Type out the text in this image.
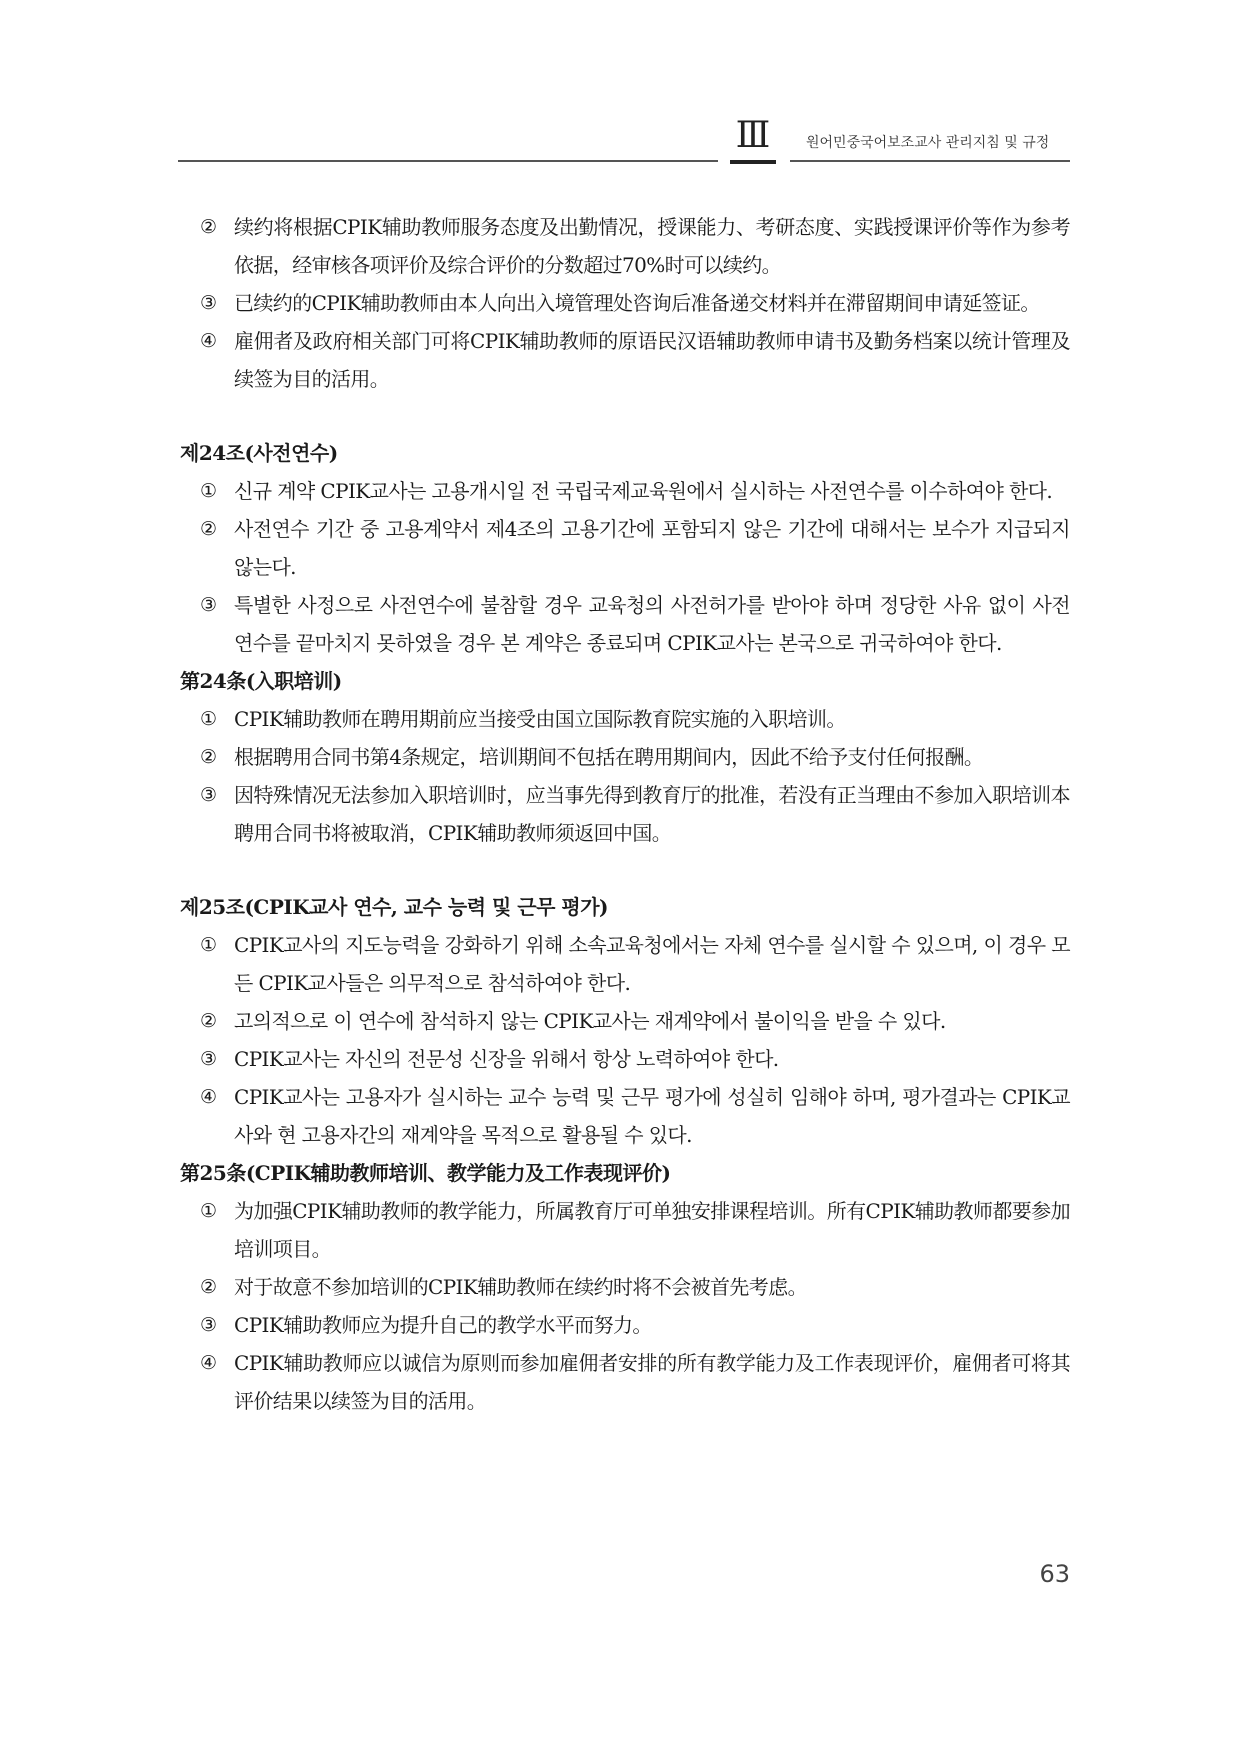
Ⅲ	원어민중국어보조교사 관리지침 및 규정

② 续约将根据CPIK辅助教师服务态度及出勤情况，授课能力、考研态度、实践授课评价等作为参考依据，经审核各项评价及综合评价的分数超过70%时可以续约。

③ 已续约的CPIK辅助教师由本人向出入境管理处咨询后准备递交材料并在滞留期间申请延签证。

④ 雇佣者及政府相关部门可将CPIK辅助教师的原语民汉语辅助教师申请书及勤务档案以统计管理及续签为目的活用。

제24조(사전연수)

① 신규 계약 CPIK교사는 고용개시일 전 국립국제교육원에서 실시하는 사전연수를 이수하여야 한다.

② 사전연수 기간 중 고용계약서 제4조의 고용기간에 포함되지 않은 기간에 대해서는 보수가 지급되지 않는다.

③ 특별한 사정으로 사전연수에 불참할 경우 교육청의 사전허가를 받아야 하며 정당한 사유 없이 사전연수를 끝마치지 못하였을 경우 본 계약은 종료되며 CPIK교사는 본국으로 귀국하여야 한다.

第24条(入职培训)

① CPIK辅助教师在聘用期前应当接受由国立国际教育院实施的入职培训。

② 根据聘用合同书第4条规定，培训期间不包括在聘用期间内，因此不给予支付任何报酬。

③ 因特殊情况无法参加入职培训时，应当事先得到教育厅的批准，若没有正当理由不参加入职培训本聘用合同书将被取消，CPIK辅助教师须返回中国。

제25조(CPIK교사 연수, 교수 능력 및 근무 평가)

① CPIK교사의 지도능력을 강화하기 위해 소속교육청에서는 자체 연수를 실시할 수 있으며, 이 경우 모든 CPIK교사들은 의무적으로 참석하여야 한다.

② 고의적으로 이 연수에 참석하지 않는 CPIK교사는 재계약에서 불이익을 받을 수 있다.

③ CPIK교사는 자신의 전문성 신장을 위해서 항상 노력하여야 한다.

④ CPIK교사는 고용자가 실시하는 교수 능력 및 근무 평가에 성실히 임해야 하며, 평가결과는 CPIK교사와 현 고용자간의 재계약을 목적으로 활용될 수 있다.

第25条(CPIK辅助教师培训、教学能力及工作表现评价)

① 为加强CPIK辅助教师的教学能力，所属教育厅可单独安排课程培训。所有CPIK辅助教师都要参加培训项目。

② 对于故意不参加培训的CPIK辅助教师在续约时将不会被首先考虑。

③ CPIK辅助教师应为提升自己的教学水平而努力。

④ CPIK辅助教师应以诚信为原则而参加雇佣者安排的所有教学能力及工作表现评价，雇佣者可将其评价结果以续签为目的活用。

63
